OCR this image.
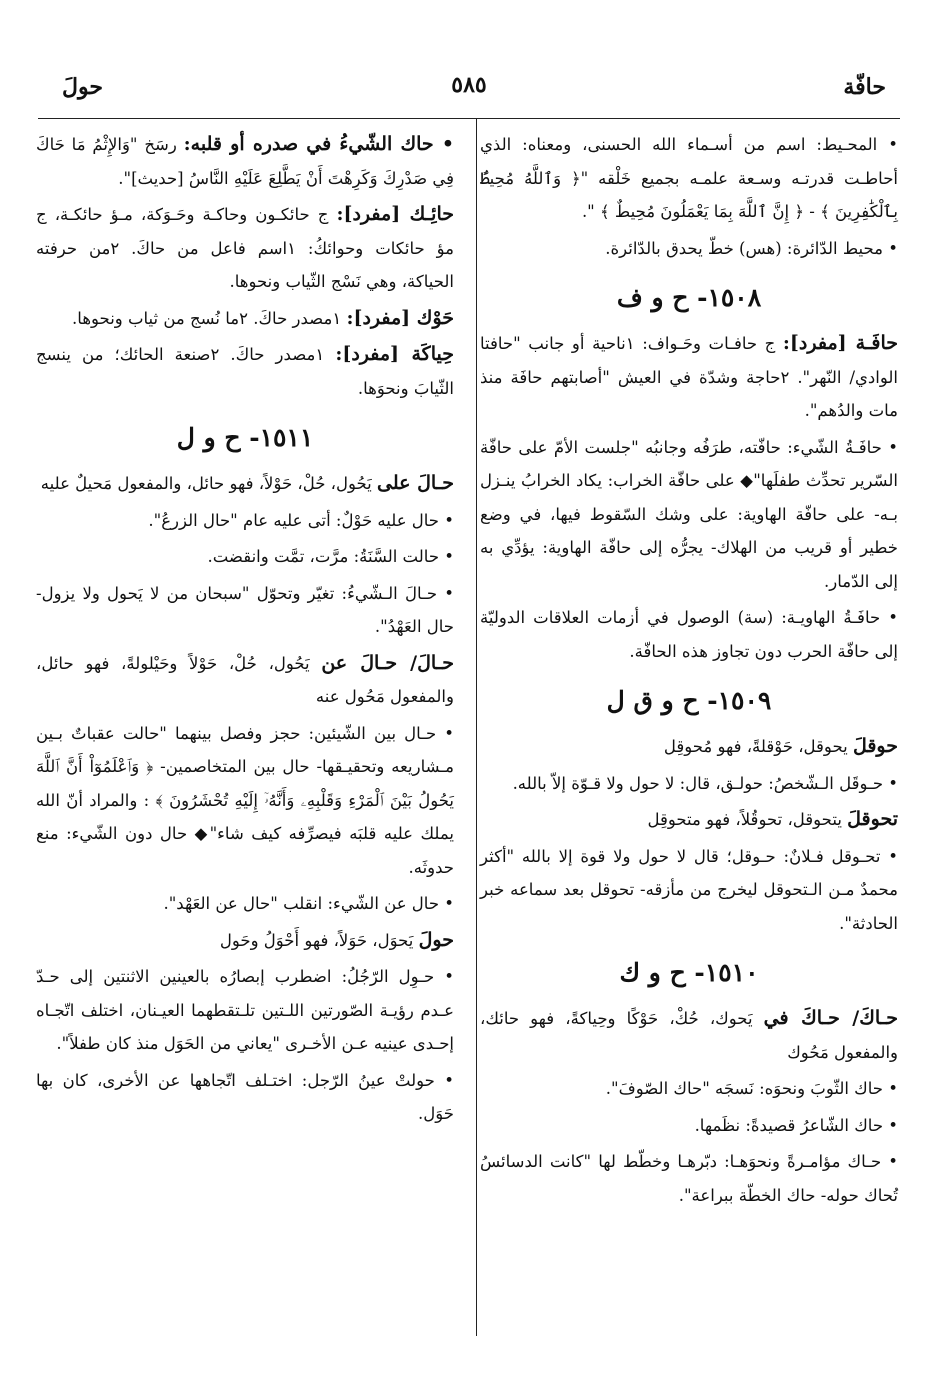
حافّة
٥٨٥
حولَ

• المحـيط: اسم من أسـماء الله الحسنى، ومعناه: الذي أحاطـت قدرتـه وسـعة علمـه بجميع خَلْقه "﴿ وَٱللَّهُ مُحِيطٌۢ بِٱلْكَٰفِرِينَ ﴾ - ﴿ إِنَّ ٱللَّهَ بِمَا يَعْمَلُونَ مُحِيطٌ ﴾ ".

• محيط الدّائرة: (هس) خطّ يحدق بالدّائرة.

١٥٠٨- ح و ف

حافَـة [مفرد]: ج حافـات وحَـواف: ١ناحية أو جانب "حافتا الوادي/ النّهر". ٢حاجة وشدّة في العيش "أصابتهم حافَة منذ مات والدُهم".

• حافَـةُ الشّيء: حافّته، طرَفُه وجانبُه "جلست الأمّ على حافّة السّرير تحدِّث طفلَها"◆ على حافّة الخراب: يكاد الخرابُ ينـزل بـه- على حافّة الهاوية: على وشك السّقوط فيها، في وضع خطير أو قريب من الهلاك- يجرُّه إلى حافّة الهاوية: يؤدِّي به إلى الدّمار.

• حافَـةُ الهاويـة: (سة) الوصول في أزمات العلاقات الدوليّة إلى حافّة الحرب دون تجاوز هذه الحافّة.

١٥٠٩- ح و ق ل

حوقلَ يحوقل، حَوْقلةً، فهو مُحوقِل

• حـوقَل الـشّخصُ: حولـق، قال: لا حول ولا قـوّة إلاّ بالله.

تحوقلَ يتحوقل، تحوقُلاً، فهو متحوقِل

• تحـوقل فـلانٌ: حـوقل؛ قال لا حول ولا قوة إلا بالله "أكثر محمدٌ مـن الـتحوقل ليخرج من مأزقه- تحوقل بعد سماعه خبر الحادثة".

١٥١٠- ح و ك

حـاكَ/ حـاكَ في يَحوك، حُكْ، حَوْكًا وحِياكةً، فهو حائك، والمفعول مَحُوك

• حاك الثّوبَ ونحوَه: نَسجَه "حاك الصّوفَ".

• حاك الشّاعرُ قصيدةً: نظَمها.

• حـاك مؤامـرةً ونحوَهـا: دبّرهـا وخطّط لها "كانت الدسائسُ تُحاك حوله- حاك الخطّة ببراعة".

• حاك الشّيءُ في صدره أو قلبه: رسَخ "وَالإِثْمُ مَا حَاكَ فِي صَدْرِكَ وَكَرِهْتَ أَنْ يَطَّلِعَ عَلَيْهِ النَّاسُ [حديث]".

حائِـك [مفرد]: ج حائكـون وحاكـة وحَـوَكة، مـؤ حائكـة، ج مؤ حائكات وحوائكُ: ١اسم فاعل من حاكَ. ٢من حرفته الحياكة، وهي نَسْج الثّياب ونحوها.

حَوْك [مفرد]: ١مصدر حاكَ. ٢ما نُسج من ثياب ونحوها.

حِياكَة [مفرد]: ١مصدر حاكَ. ٢صنعة الحائك؛ من ينسج الثّيابَ ونحوَها.

١٥١١- ح و ل

حـالَ على يَحُول، حُلْ، حَوْلاً، فهو حائل، والمفعول مَحيلٌ عليه

• حال عليه حَوْلٌ: أتى عليه عام "حال الزرعُ".

• حالت السَّنَةُ: مرَّت، تمَّت وانقضت.

• حـالَ الـشّيءُ: تغيّر وتحوّل "سبحان من لا يَحول ولا يزول- حال العَهْدُ".

حـالَ/ حـالَ عن يَحُول، حُلْ، حَوْلاً وحَيْلولةً، فهو حائل، والمفعول مَحُول عنه

• حـال بين الشّيئين: حجز وفصل بينهما "حالت عقباتٌ بـين مـشاريعه وتحقيـقها- حال بين المتخاصمين- ﴿ وَٱعْلَمُوٓاْ أَنَّ ٱللَّهَ يَحُولُ بَيْنَ ٱلْمَرْءِ وَقَلْبِهِۦ وَأَنَّهُۥٓ إِلَيْهِ تُحْشَرُونَ ﴾ : والمراد أنّ الله يملك عليه قلبَه فيصرِّفه كيف شاء"◆ حال دون الشّيء: منع حدوثَه.

• حال عن الشّيء: انقلب "حال عن العَهْد".

حولَ يَحوَل، حَوَلاً، فهو أَحْوَلُ وحَول

• حـوِل الرّجُلُ: اضطرب إبصارُه بالعينين الاثنتين إلى حـدّ عـدم رؤيـة الصّورتين اللـتين تلـتقطهما العيـنان، اختلف اتّجـاه إحـدى عينيه عـن الأخـرى "يعاني من الحَوَل منذ كان طفلاً".

• حولتْ عينُ الرّجل: اختـلف اتّجاهها عن الأخرى، كان بها حَوَل.
